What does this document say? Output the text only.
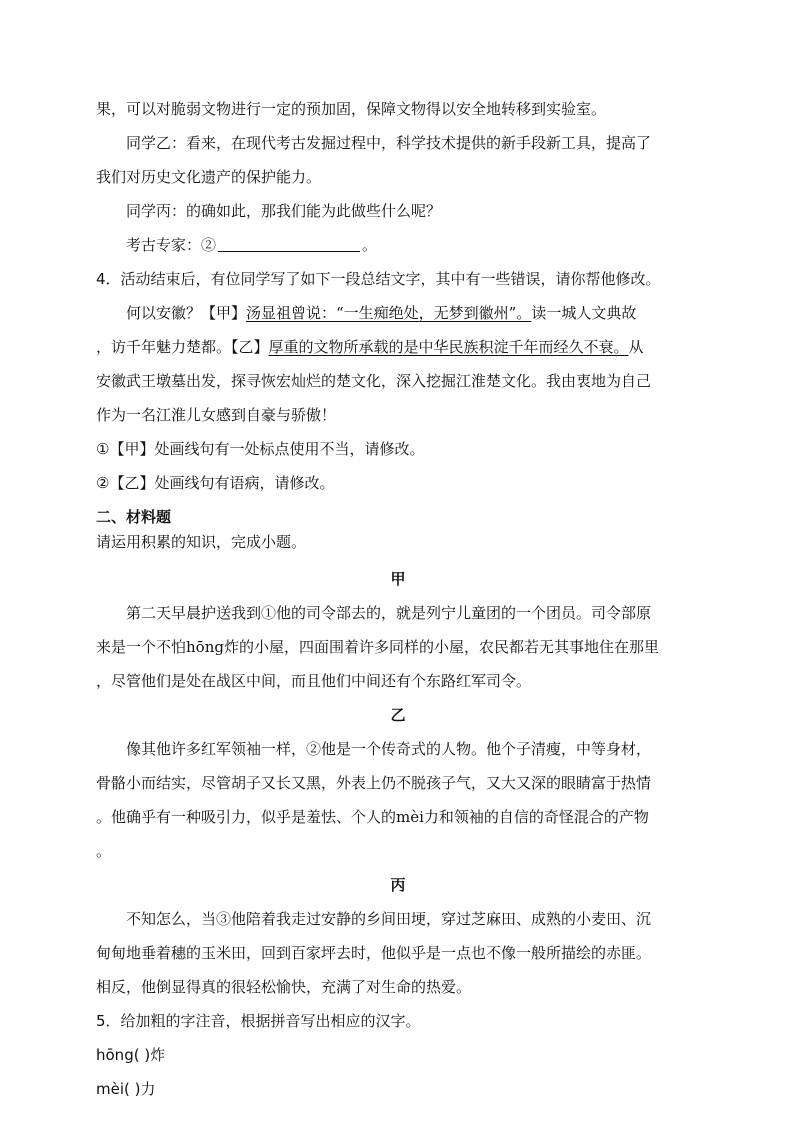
果，可以对脆弱文物进行一定的预加固，保障文物得以安全地转移到实验室。
同学乙：看来，在现代考古发掘过程中，科学技术提供的新手段新工具，提高了
我们对历史文化遗产的保护能力。
同学丙：的确如此，那我们能为此做些什么呢？
考古专家：②	。
4．活动结束后，有位同学写了如下一段总结文字，其中有一些错误，请你帮他修改。
何以安徽？【甲】汤显祖曾说：“一生痴绝处，无梦到徽州”。读一城人文典故
，访千年魅力楚都。【乙】厚重的文物所承载的是中华民族积淀千年而经久不衰。从
安徽武王墩墓出发，探寻恢宏灿烂的楚文化，深入挖掘江淮楚文化。我由衷地为自己
作为一名江淮儿女感到自豪与骄傲！
①【甲】处画线句有一处标点使用不当，请修改。
②【乙】处画线句有语病，请修改。
二、材料题
请运用积累的知识，完成小题。
甲
第二天早晨护送我到①他的司令部去的，就是列宁儿童团的一个团员。司令部原
来是一个不怕hōng炸的小屋，四面围着许多同样的小屋，农民都若无其事地住在那里
，尽管他们是处在战区中间，而且他们中间还有个东路红军司令。
乙
像其他许多红军领袖一样，②他是一个传奇式的人物。他个子清瘦，中等身材，
骨骼小而结实，尽管胡子又长又黑，外表上仍不脱孩子气，又大又深的眼睛富于热情
。他确乎有一种吸引力，似乎是羞怯、个人的mèi力和领袖的自信的奇怪混合的产物
。
丙
不知怎么，当③他陪着我走过安静的乡间田埂，穿过芝麻田、成熟的小麦田、沉
甸甸地垂着穗的玉米田，回到百家坪去时，他似乎是一点也不像一般所描绘的赤匪。
相反，他倒显得真的很轻松愉快，充满了对生命的热爱。
5．给加粗的字注音，根据拼音写出相应的汉字。
hōng( )炸
mèi( )力
